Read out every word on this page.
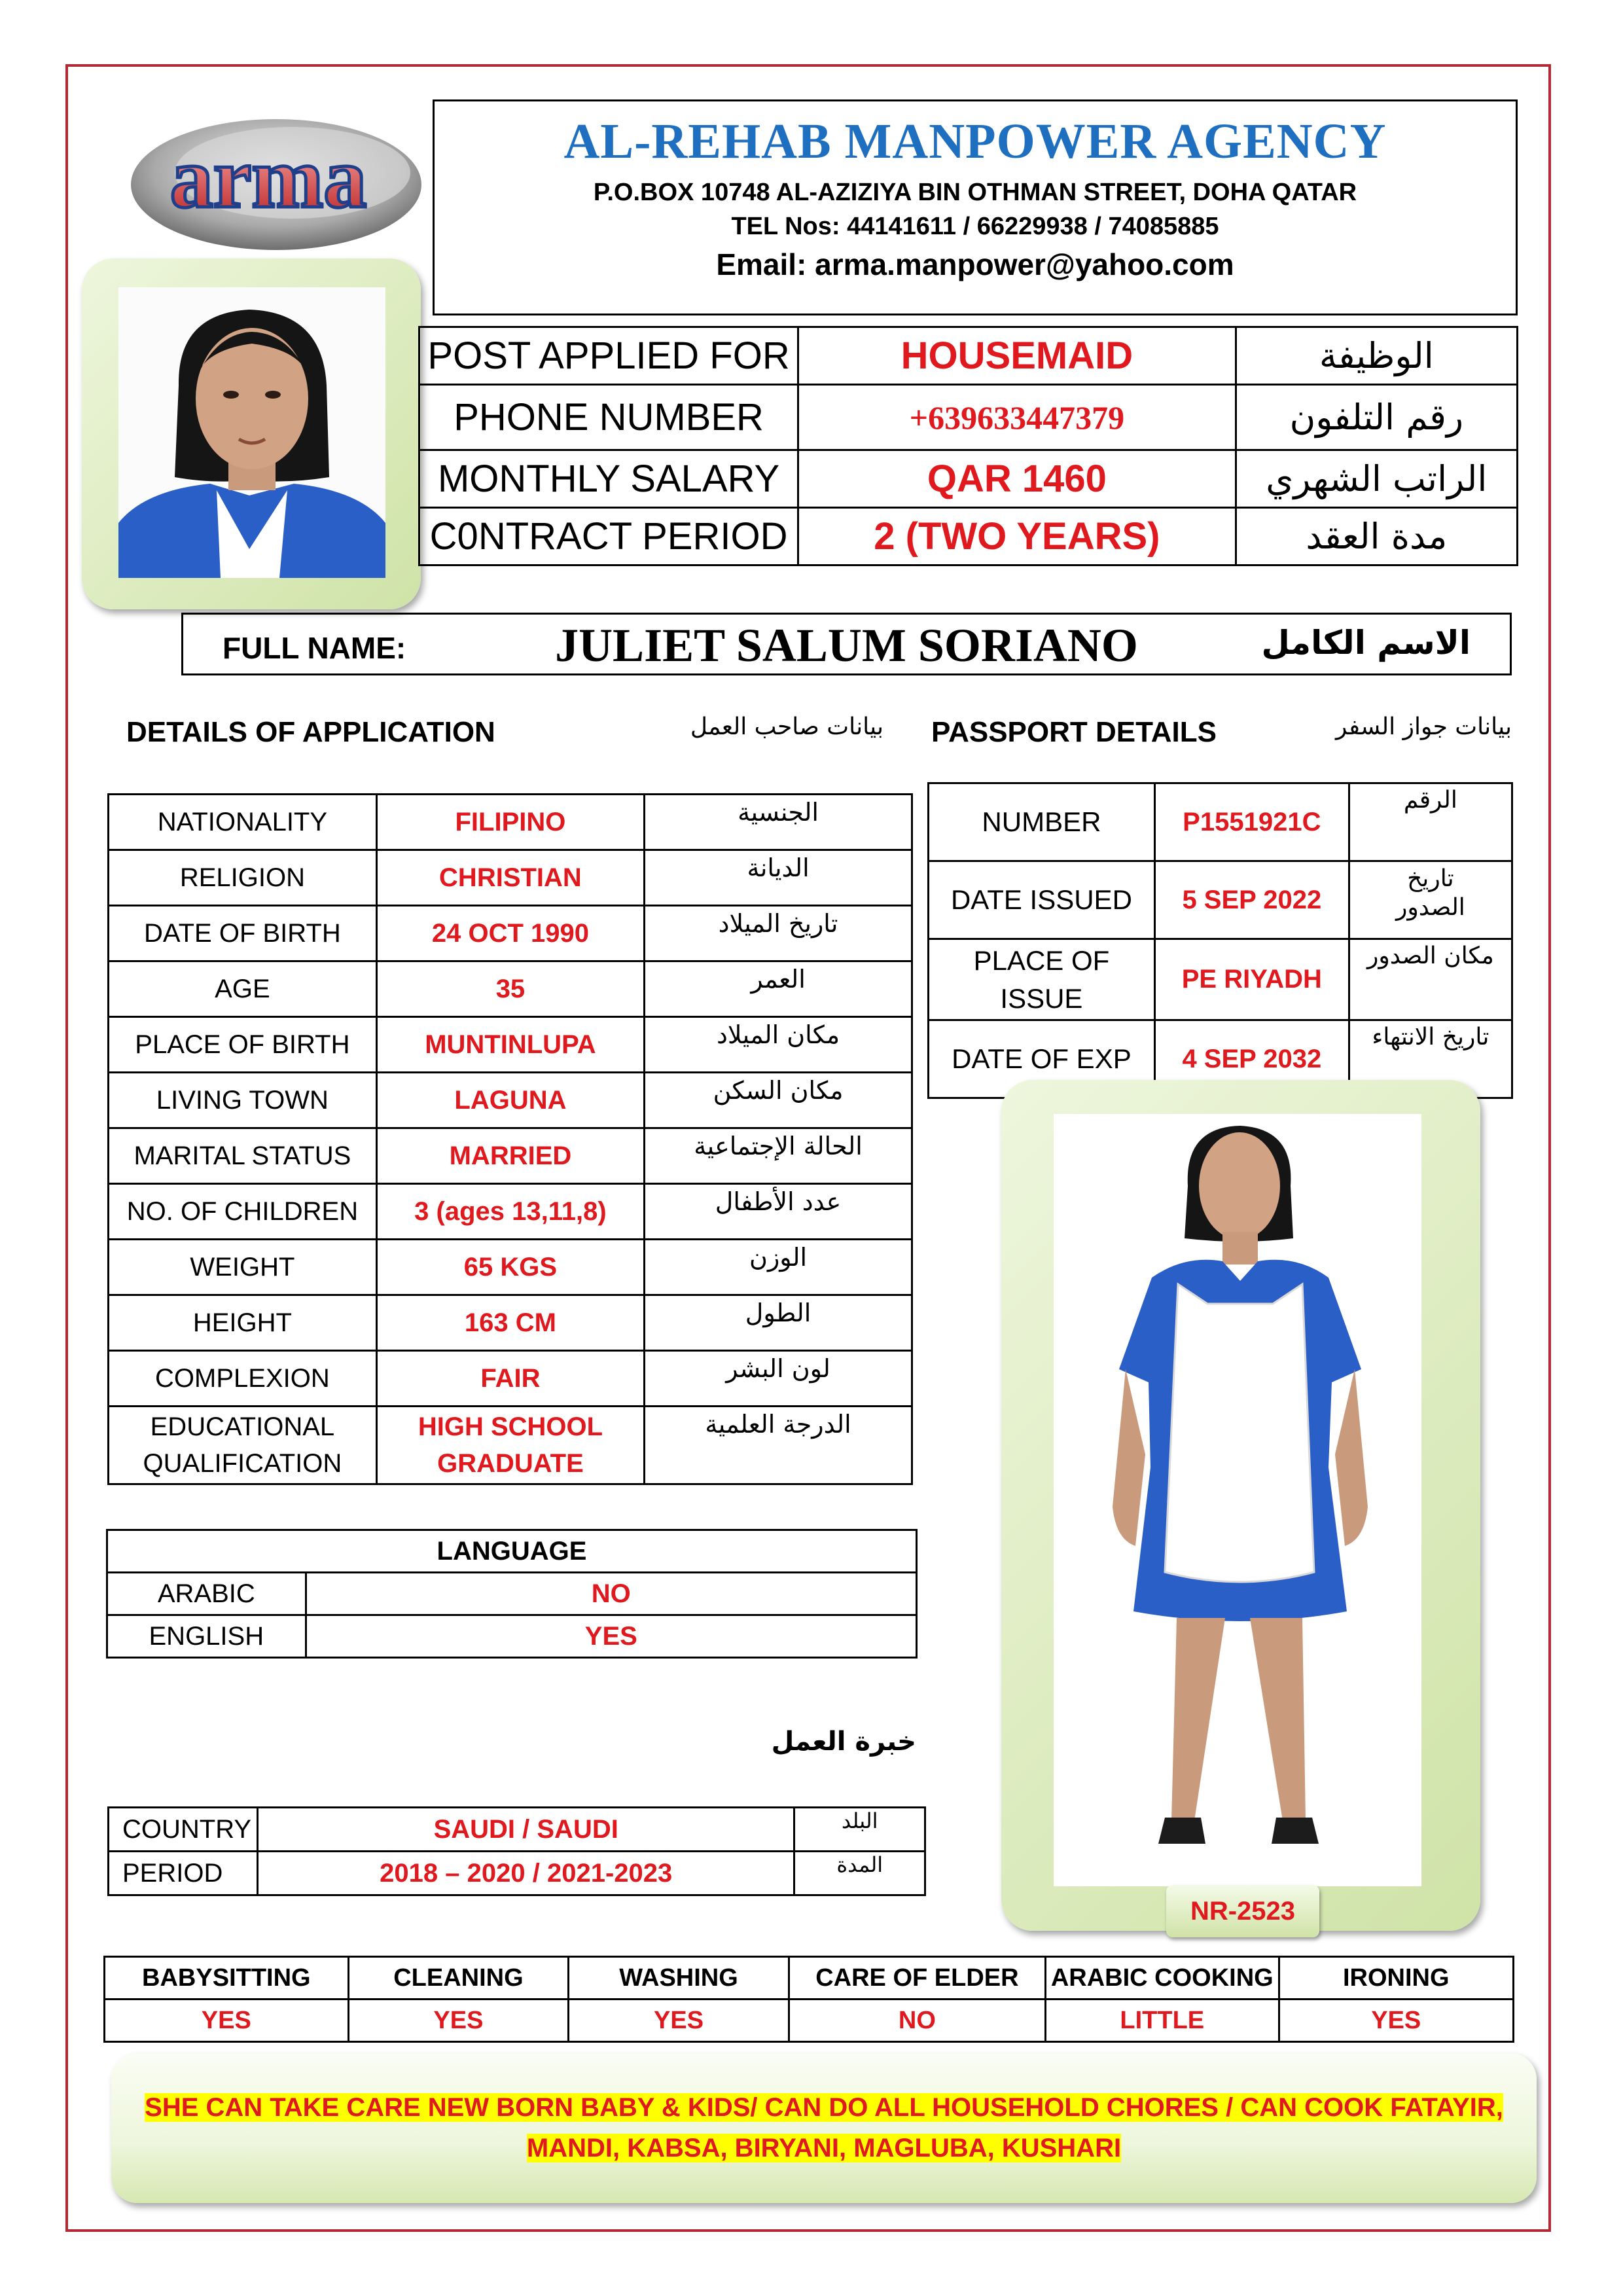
arma	AL-REHAB MANPOWER AGENCY
P.O.BOX 10748 AL-AZIZIYA BIN OTHMAN STREET, DOHA QATAR
TEL Nos: 44141611 / 66229938 / 74085885
Email: arma.manpower@yahoo.com
POST APPLIED FOR	HOUSEMAID	الوظيفة
PHONE NUMBER	+639633447379	رقم التلفون
MONTHLY SALARY	QAR 1460	الراتب الشهري
C0NTRACT PERIOD	2 (TWO YEARS)	مدة العقد
FULL NAME:	JULIET SALUM SORIANO	الاسم الكامل
DETAILS OF APPLICATION	بيانات صاحب العمل PASSPORT DETAILS	بيانات جواز السفر
NATIONALITY	FILIPINO	الجنسية
RELIGION	CHRISTIAN	الديانة
DATE OF BIRTH	24 OCT 1990	تاريخ الميلاد
AGE	35	العمر
PLACE OF BIRTH	MUNTINLUPA	مكان الميلاد
LIVING TOWN	LAGUNA	مكان السكن
MARITAL STATUS	MARRIED	الحالة الإجتماعية
NO. OF CHILDREN	3 (ages 13,11,8)	عدد الأطفال
WEIGHT	65 KGS	الوزن
HEIGHT	163 CM	الطول
COMPLEXION	FAIR	لون البشر
EDUCATIONAL QUALIFICATION	HIGH SCHOOL GRADUATE	الدرجة العلمية
NUMBER	P1551921C	الرقم
DATE ISSUED	5 SEP 2022	تاريخ الصدور
PLACE OF ISSUE	PE RIYADH	مكان الصدور
DATE OF EXP	4 SEP 2032	تاريخ الانتهاء
NR-2523
LANGUAGE	
ARABIC	NO
ENGLISH	YES
خبرة العمل
COUNTRY	SAUDI / SAUDI	البلد
PERIOD	2018 – 2020 / 2021-2023	المدة
BABYSITTING	CLEANING	WASHING	CARE OF ELDER	ARABIC COOKING	IRONING
YES	YES	YES	NO	LITTLE	YES
SHE CAN TAKE CARE NEW BORN BABY & KIDS/ CAN DO ALL HOUSEHOLD CHORES / CAN COOK FATAYIR,
MANDI, KABSA, BIRYANI, MAGLUBA, KUSHARI
